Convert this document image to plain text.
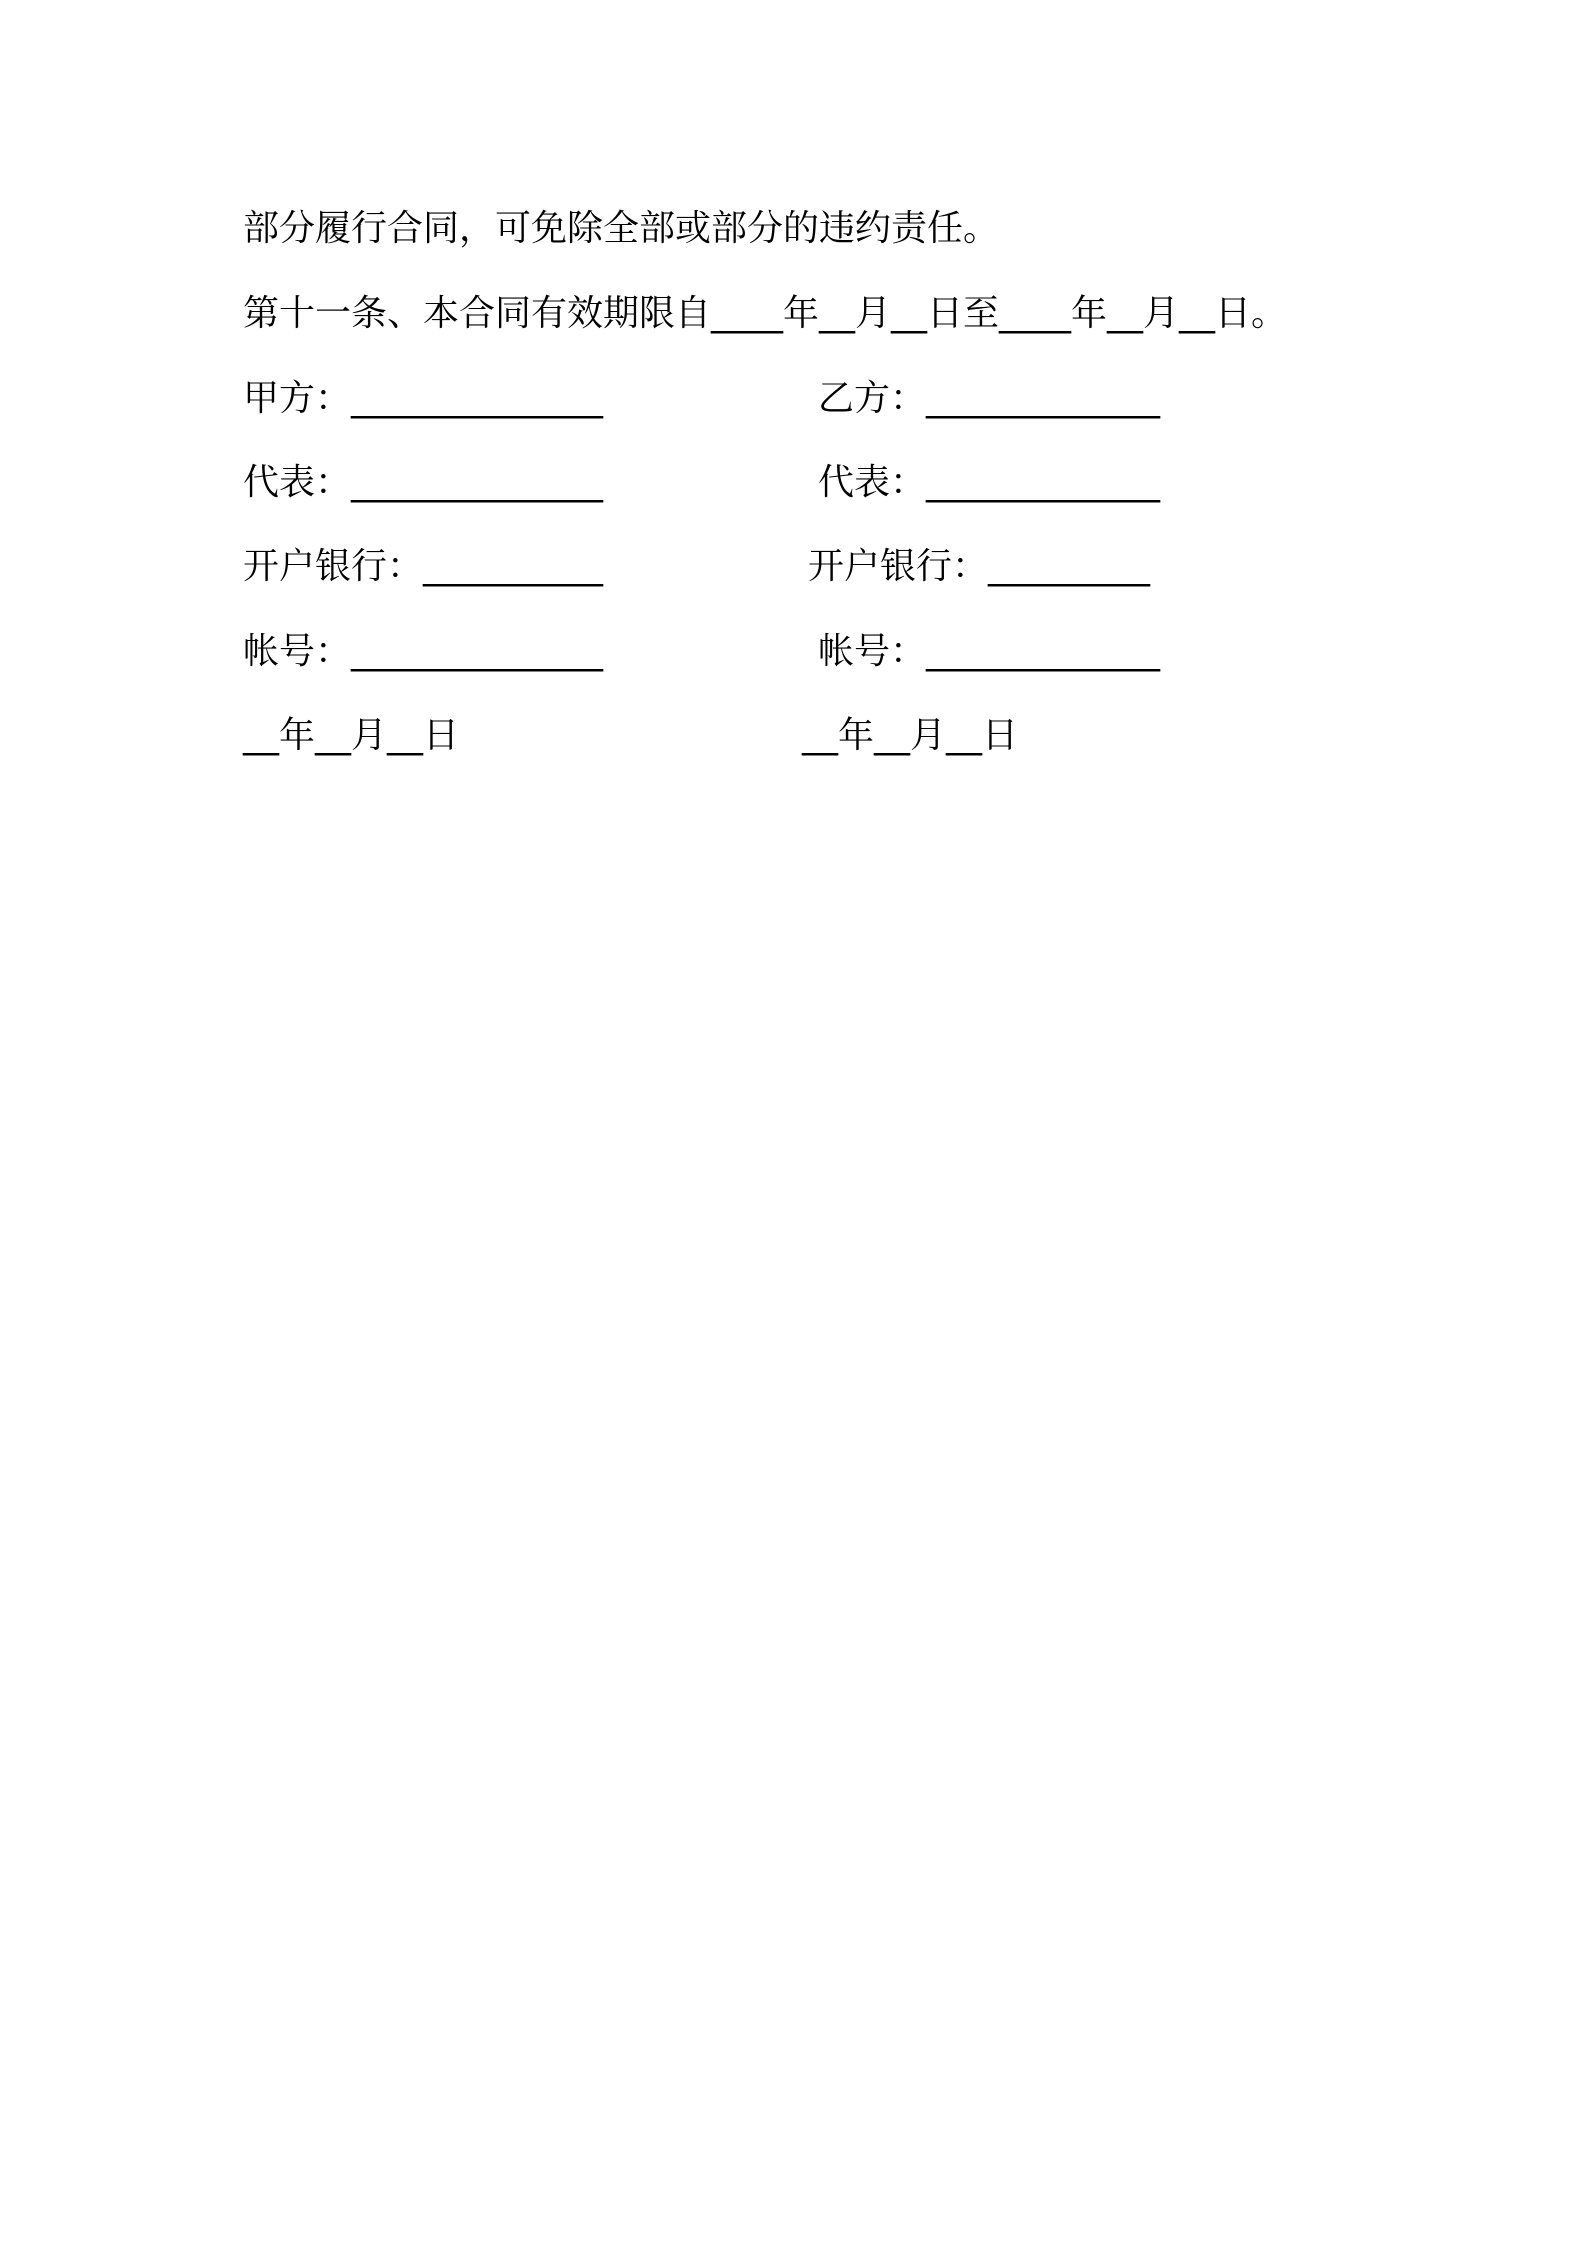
部分履行合同，可免除全部或部分的违约责任。
第十一条、本合同有效期限自____年__月__日至____年__月__日。
甲方：______________	乙方：_____________
代表：______________	代表：_____________
开户银行：__________	开户银行：_________
帐号：______________	帐号：_____________
__年__月__日	__年__月__日
